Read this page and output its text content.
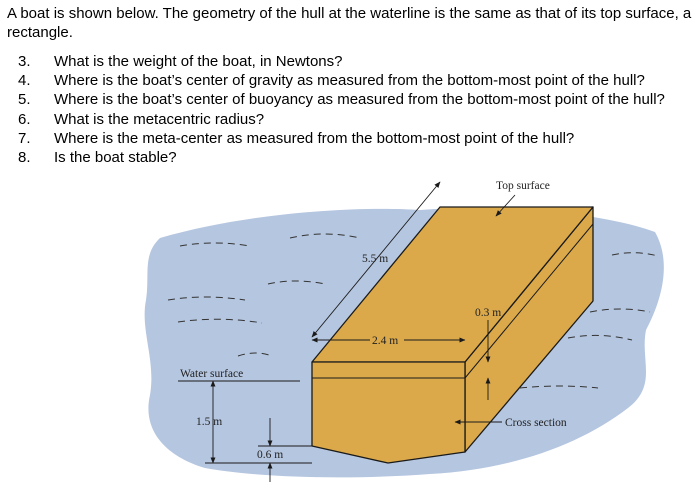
A boat is shown below. The geometry of the hull at the waterline is the same as that of its top surface, a rectangle.

3.	What is the weight of the boat, in Newtons?
4.	Where is the boat’s center of gravity as measured from the bottom-most point of the hull?
5.	Where is the boat’s center of buoyancy as measured from the bottom-most point of the hull?
6.	What is the metacentric radius?
7.	Where is the meta-center as measured from the bottom-most point of the hull?
8.	Is the boat stable?
Top surface
5.5 m
2.4 m
0.3 m
Water surface
1.5 m
0.6 m
Cross section
